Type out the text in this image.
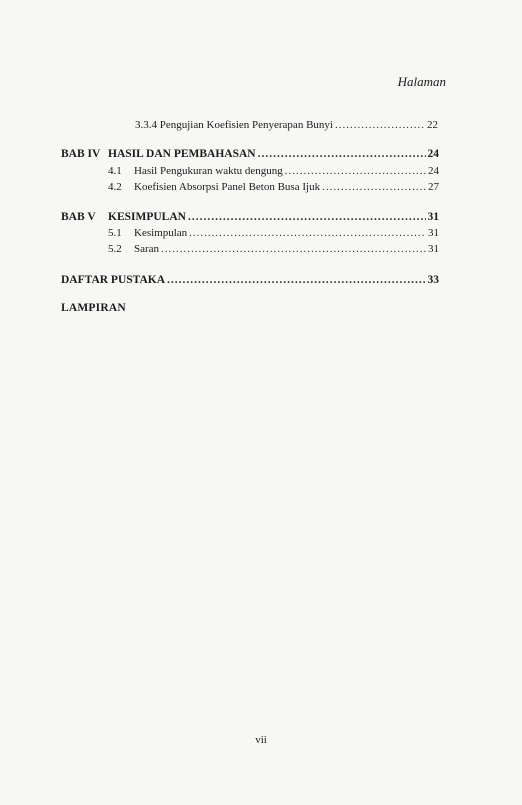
Halaman
3.3.4 Pengujian Koefisien Penyerapan Bunyi .....	22
BAB IV HASIL DAN PEMBAHASAN .....	24
4.1	Hasil Pengukuran waktu dengung .....	24
4.2	Koefisien Absorpsi Panel Beton Busa Ijuk .....	27
BAB V KESIMPULAN .....	31
5.1	Kesimpulan .....	31
5.2	Saran .....	31
DAFTAR PUSTAKA .....	33
LAMPIRAN
vii
